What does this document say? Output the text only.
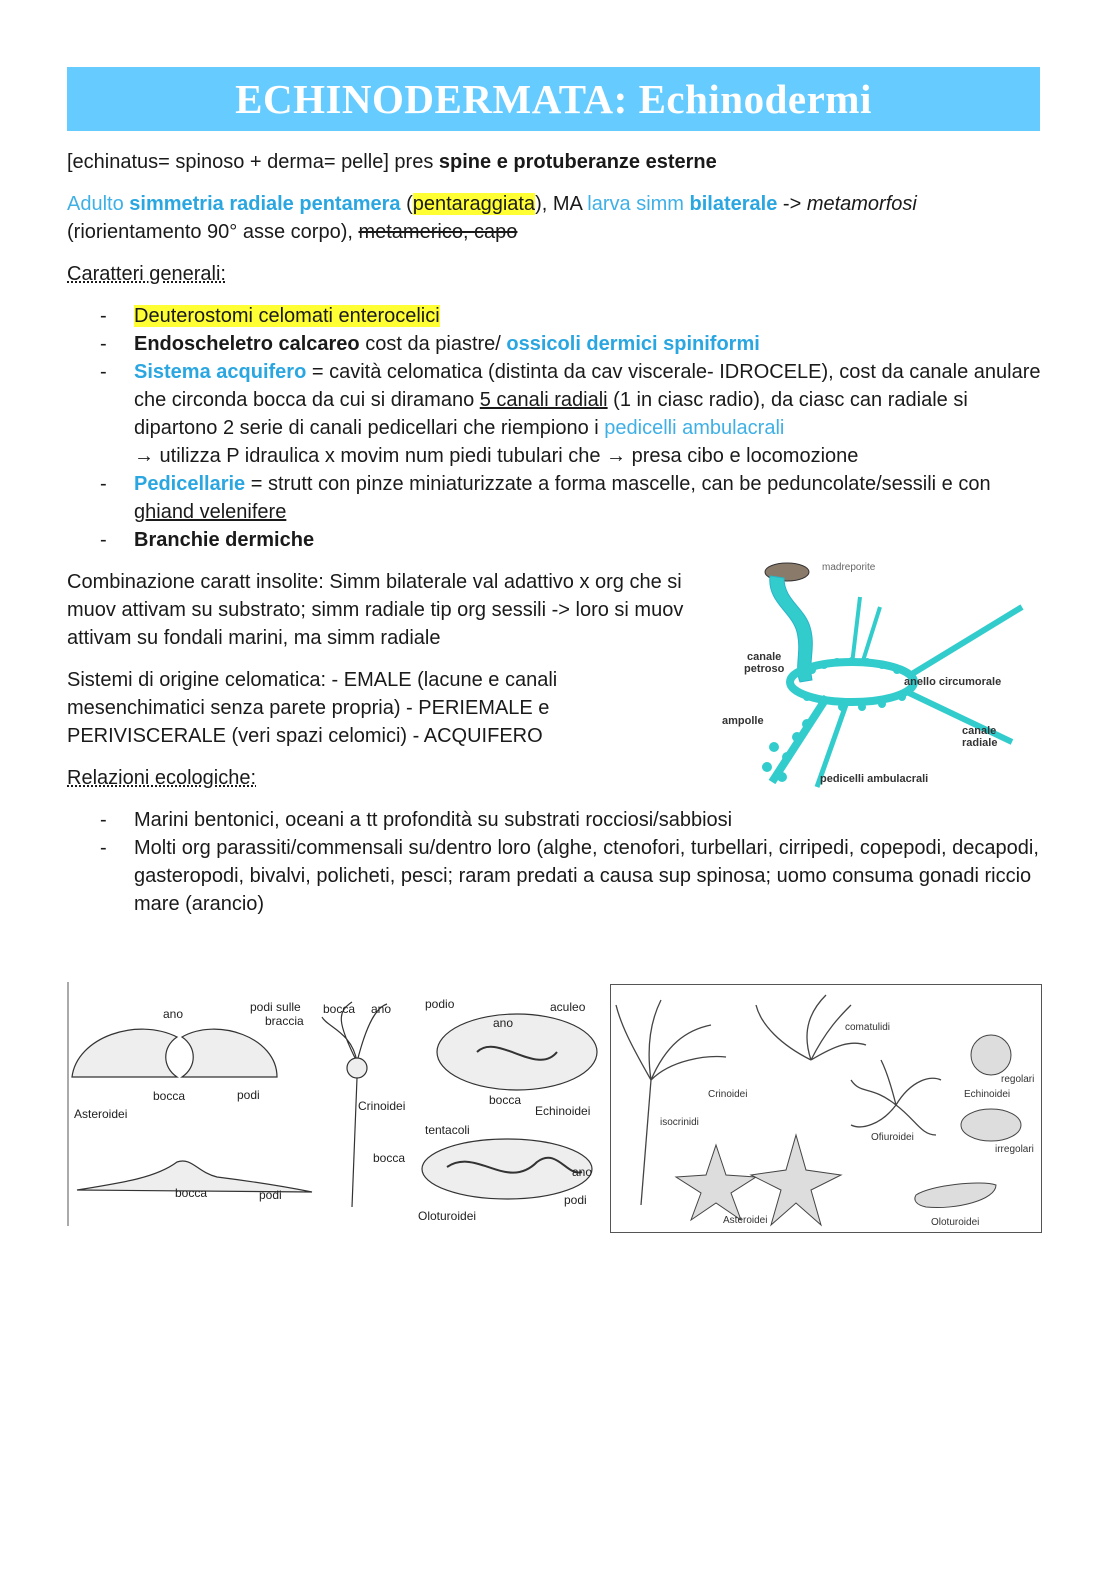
ECHINODERMATA: Echinodermi

[echinatus= spinoso + derma= pelle] pres spine e protuberanze esterne

Adulto simmetria radiale pentamera (pentaraggiata), MA larva simm bilaterale -> metamorfosi (riorientamento 90° asse corpo), metamerico, capo

Caratteri generali:

- Deuterostomi celomati enterocelici
- Endoscheletro calcareo cost da piastre/ ossicoli dermici spiniformi
- Sistema acquifero = cavità celomatica (distinta da cav viscerale- IDROCELE), cost da canale anulare che circonda bocca da cui si diramano 5 canali radiali (1 in ciasc radio), da ciasc can radiale si dipartono 2 serie di canali pedicellari che riempiono i pedicelli ambulacrali
→ utilizza P idraulica x movim num piedi tubulari che → presa cibo e locomozione
- Pedicellarie = strutt con pinze miniaturizzate a forma mascelle, can be peduncolate/sessili e con ghiand velenifere
- Branchie dermiche

Combinazione caratt insolite: Simm bilaterale val adattivo x org che si muov attivam su substrato; simm radiale tip org sessili -> loro si muov attivam su fondali marini, ma simm radiale

Sistemi di origine celomatica: - EMALE (lacune e canali mesenchimatici senza parete propria) - PERIEMALE e PERIVISCERALE (veri spazi celomici) - ACQUIFERO

Relazioni ecologiche:

- Marini bentonici, oceani a tt profondità su substrati rocciosi/sabbiosi
- Molti org parassiti/commensali su/dentro loro (alghe, ctenofori, turbellari, cirripedi, copepodi, decapodi, gasteropodi, bivalvi, policheti, pesci; raram predati a causa sup spinosa; uomo consuma gonadi riccio mare (arancio)
madreporite
canale
petroso
anello circumorale
ampolle
canale
radiale
pedicelli ambulacrali
ano	podi sulle
braccia
bocca ano	podio	aculeo
ano
bocca	podi
Asteroidei
Crinoidei	bocca
Echinoidei
tentacoli
bocca
ano
bocca	podi	podi
Oloturoidei
comatulidi
Crinoidei
isocrinidi
regolari
Echinoidei
Ofiuroidei
irregolari
Asteroidei	Oloturoidei
